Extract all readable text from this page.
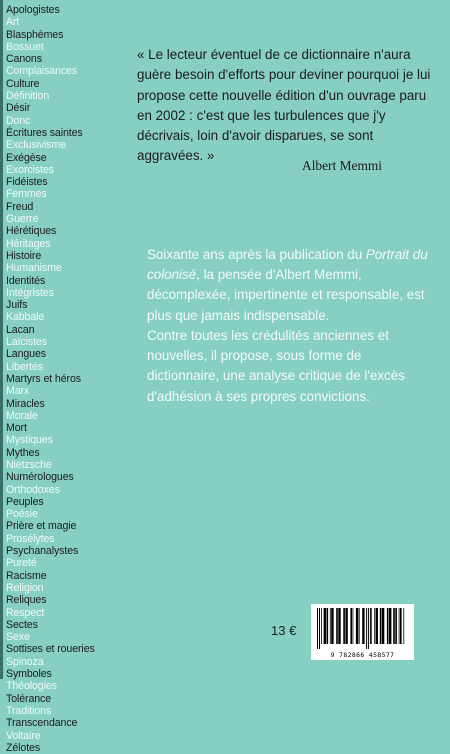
Apologistes
Art
Blasphèmes
Bossuet
Canons
Complaisances
Culture
Définition
Désir
Donc
Écritures saintes
Exclusivisme
Exégèse
Exorcistes
Fidéistes
Femmes
Freud
Guerre
Hérétiques
Héritages
Histoire
Humanisme
Identités
Intégristes
Juifs
Kabbale
Lacan
Laïcistes
Langues
Libertés
Martyrs et héros
Marx
Miracles
Morale
Mort
Mystiques
Mythes
Nietzsche
Numérologues
Orthodoxes
Peuples
Poésie
Prière et magie
Prosélytes
Psychanalystes
Pureté
Racisme
Religion
Reliques
Respect
Sectes
Sexe
Sottises et roueries
Spinoza
Symboles
Théologies
Tolérance
Traditions
Transcendance
Voltaire
Zélotes

« Le lecteur éventuel de ce dictionnaire n'aura guère besoin d'efforts pour deviner pourquoi je lui propose cette nouvelle édition d'un ouvrage paru en 2002 : c'est que les turbulences que j'y décrivais, loin d'avoir disparues, se sont aggravées. »

Albert Memmi

Soixante ans après la publication du Portrait du colonisé, la pensée d'Albert Memmi, décomplexée, impertinente et responsable, est plus que jamais indispensable.

Contre toutes les crédulités anciennes et nouvelles, il propose, sous forme de dictionnaire, une analyse critique de l'excès d'adhésion à ses propres convictions.

13 €
9 782866 458577
